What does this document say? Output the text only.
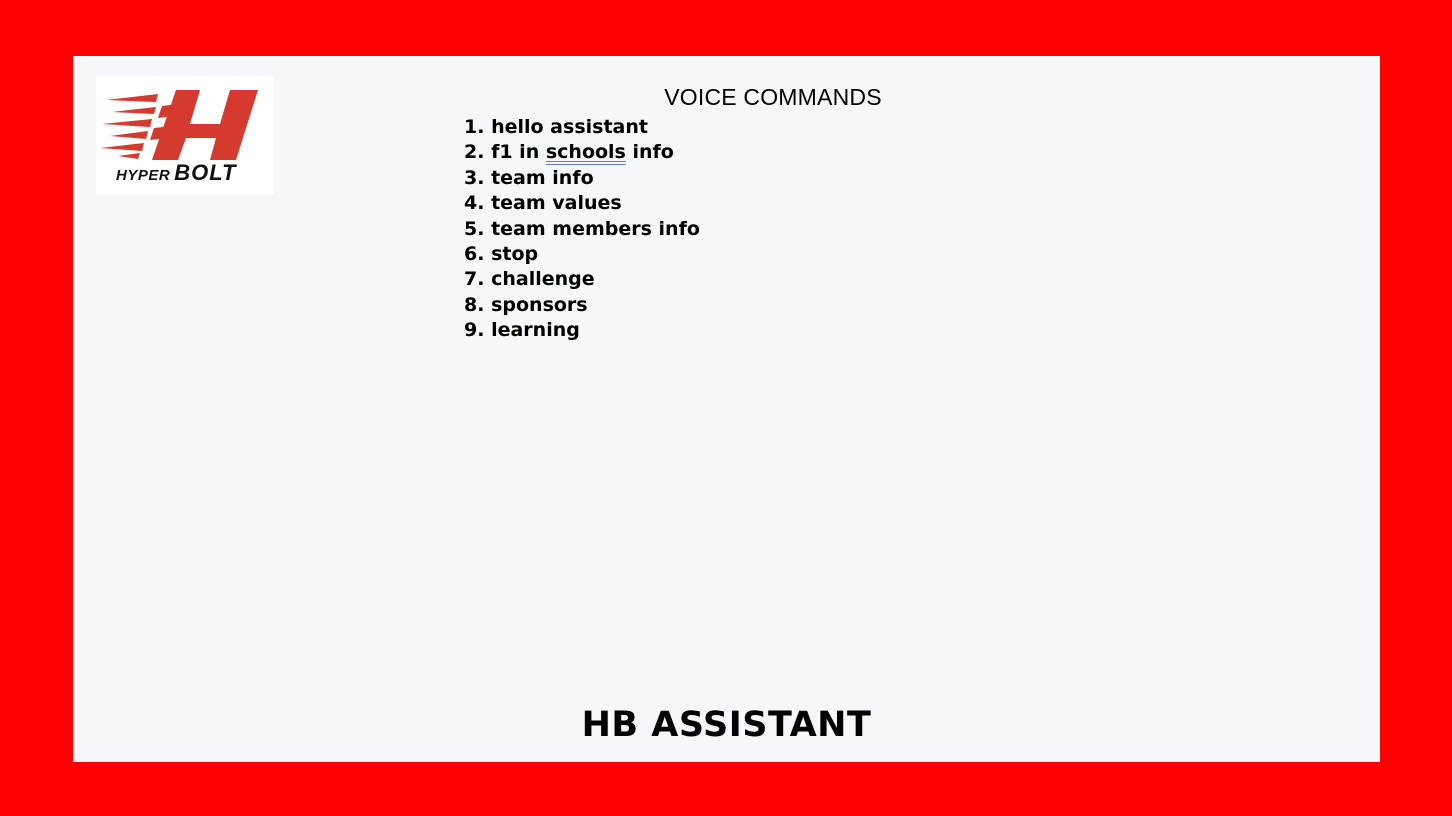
HYPER BOLT
VOICE COMMANDS
1. hello assistant
2. f1 in schools info
3. team info
4. team values
5. team members info
6. stop
7. challenge
8. sponsors
9. learning
HB ASSISTANT
